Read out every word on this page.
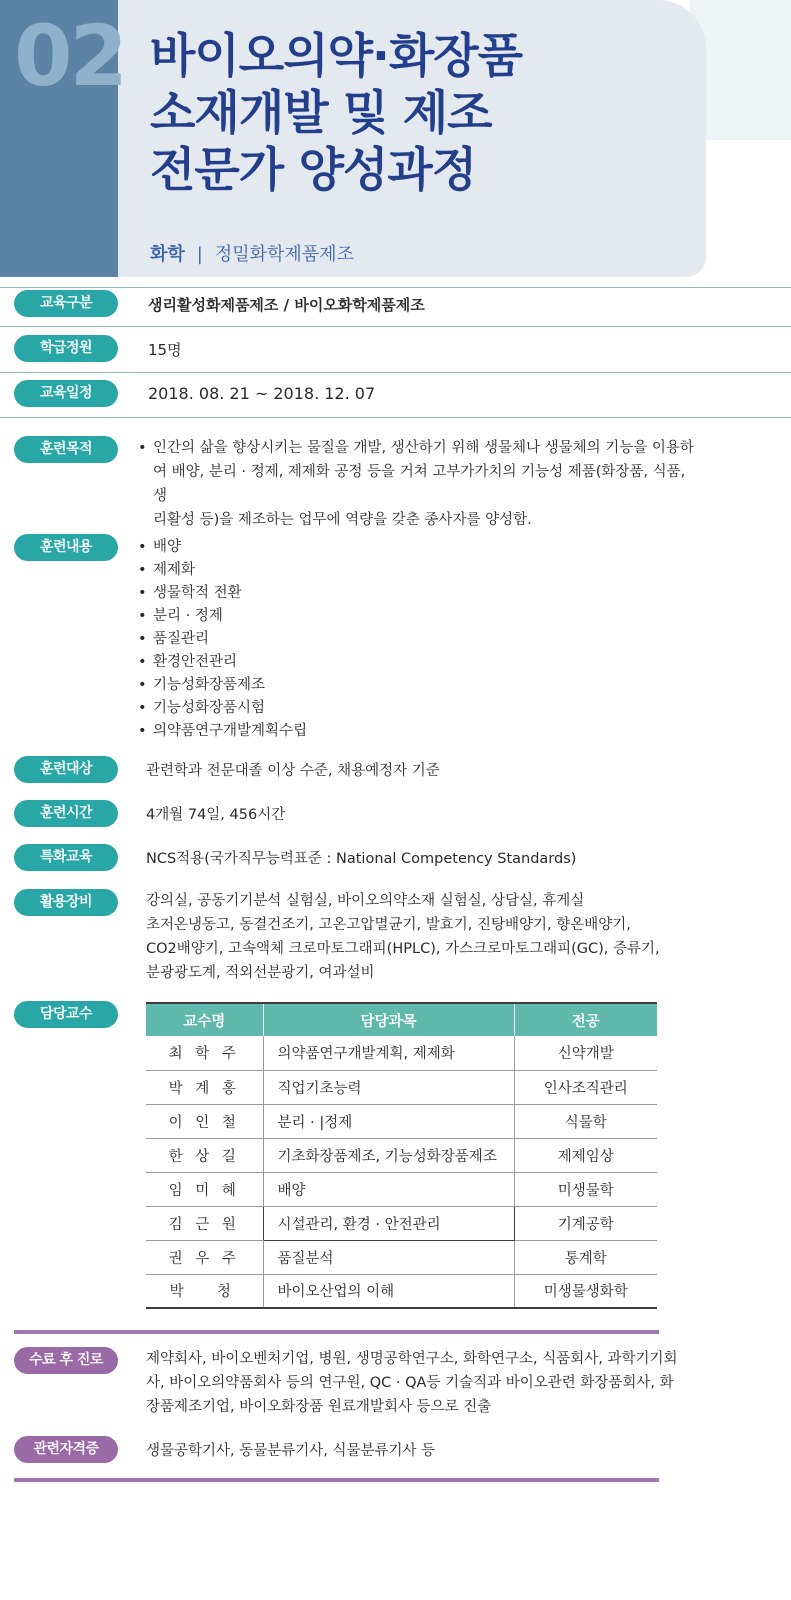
02 바이오의약·화장품
소재개발 및 제조
전문가 양성과정
화학 | 정밀화학제품제조
교육구분	생리활성화제품제조 / 바이오화학제품제조
학급정원	15명
교육일정	2018. 08. 21 ~ 2018. 12. 07
훈련목적	• 인간의 삶을 향상시키는 물질을 개발, 생산하기 위해 생물체나 생물체의 기능을 이용하
여 배양, 분리 · 정제, 제제화 공정 등을 거쳐 고부가가치의 기능성 제품(화장품, 식품, 생
리활성 등)을 제조하는 업무에 역량을 갖춘 종사자를 양성함.
훈련내용	• 배양
• 제제화
• 생물학적 전환
• 분리 · 정제
• 품질관리
• 환경안전관리
• 기능성화장품제조
• 기능성화장품시험
• 의약품연구개발계획수립
훈련대상	관련학과 전문대졸 이상 수준, 채용예정자 기준
훈련시간	4개월 74일, 456시간
특화교육	NCS적용(국가직무능력표준 : National Competency Standards)
활용장비	강의실, 공동기기분석 실험실, 바이오의약소재 실험실, 상담실, 휴게실
초저온냉동고, 동결건조기, 고온고압멸균기, 발효기, 진탕배양기, 향온배양기,
CO2배양기, 고속액체 크로마토그래피(HPLC), 가스크로마토그래피(GC), 증류기,
분광광도계, 적외선분광기, 여과설비
담당교수	교수명	담당과목	전공
최 학 주	의약품연구개발계획, 제제화	신약개발
박 계 홍	직업기초능력	인사조직관리
이 인 철	분리 · |정제	식물학
한 상 길	기초화장품제조, 기능성화장품제조	제제임상
임 미 혜	배양	미생물학
김 근 원	시설관리, 환경 · 안전관리	기계공학
권 우 주	품질분석	통계학
박  청	바이오산업의 이해	미생물생화학
수료 후 진로	제약회사, 바이오벤처기업, 병원, 생명공학연구소, 화학연구소, 식품회사, 과학기기회
사, 바이오의약품회사 등의 연구원, QC · QA등 기술직과 바이오관련 화장품회사, 화
장품제조기업, 바이오화장품 원료개발회사 등으로 진출
관련자격증	생물공학기사, 동물분류기사, 식물분류기사 등
